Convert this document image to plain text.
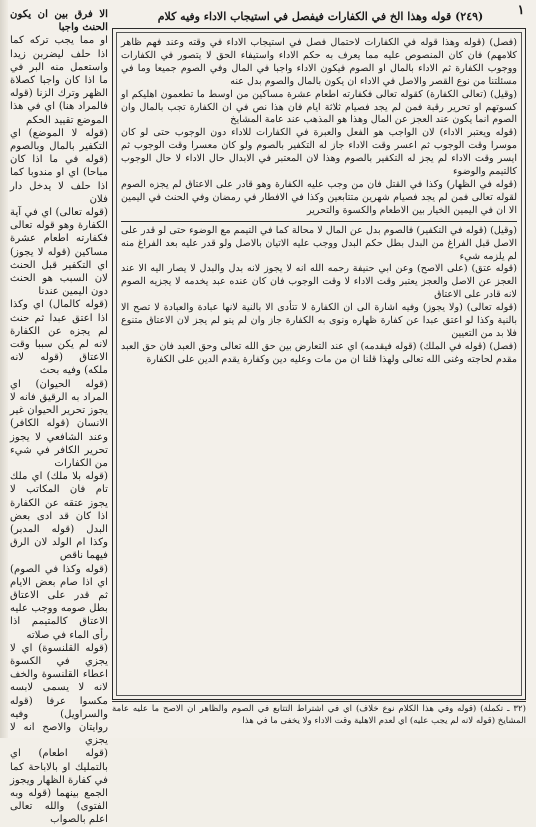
١
(٢٤٩) قوله وهذا الخ في الكفارات فيفصل في استيجاب الاداء وفيه كلام

(فصل) (قوله وهذا قوله في الكفارات لاحتمال فصل في استيجاب الاداء في وقته وعند فهم ظاهر كلامهم) فان كان المنصوص عليه مما يعرف به حكم الاداء واستيفاء الحق لا يتصور في الكفارات ووجوب الكفارة ثم الاداء بالمال او الصوم فيكون الاداء واجبا في المال وفي الصوم جميعا وما في مسئلتنا من نوع القصر والاصل في الاداء ان يكون بالمال والصوم بدل عنه

(وقيل) (تعالى الكفارة) كقوله تعالى فكفارته اطعام عشرة مساكين من اوسط ما تطعمون اهليكم او كسوتهم او تحرير رقبة فمن لم يجد فصيام ثلاثة ايام فان هذا نص في ان الكفارة تجب بالمال وان الصوم انما يكون عند العجز عن المال وهذا هو المذهب عند عامة المشايخ

(قوله ويعتبر الاداء) لان الواجب هو الفعل والعبرة في الكفارات للاداء دون الوجوب حتى لو كان موسرا وقت الوجوب ثم اعسر وقت الاداء جاز له التكفير بالصوم ولو كان معسرا وقت الوجوب ثم ايسر وقت الاداء لم يجز له التكفير بالصوم وهذا لان المعتبر في الابدال حال الاداء لا حال الوجوب كالتيمم والوضوء

(قوله في الظهار) وكذا في القتل فان من وجب عليه الكفارة وهو قادر على الاعتاق لم يجزه الصوم لقوله تعالى فمن لم يجد فصيام شهرين متتابعين وكذا في الافطار في رمضان وفي الحنث في اليمين الا ان في اليمين الخيار بين الاطعام والكسوة والتحرير

(وقيل) (قوله في التكفير) فالصوم بدل عن المال لا محالة كما في التيمم مع الوضوء حتى لو قدر على الاصل قبل الفراغ من البدل بطل حكم البدل ووجب عليه الاتيان بالاصل ولو قدر عليه بعد الفراغ منه لم يلزمه شيء

(قوله عتق) (على الاصح) وعن ابي حنيفة رحمه الله انه لا يجوز لانه بدل والبدل لا يصار اليه الا عند العجز عن الاصل والعجز يعتبر وقت الاداء لا وقت الوجوب فان كان عنده عبد يخدمه لا يجزيه الصوم لانه قادر على الاعتاق

(قوله تعالى) (ولا يجوز) وفيه اشارة الى ان الكفارة لا تتأدى الا بالنية لانها عبادة والعبادة لا تصح الا بالنية وكذا لو اعتق عبدا عن كفارة ظهاره ونوى به الكفارة جاز وان لم ينو لم يجز لان الاعتاق متنوع فلا بد من التعيين

(فصل) (قوله في الملك) (قوله فيقدمه) اي عند التعارض بين حق الله تعالى وحق العبد فان حق العبد مقدم لحاجته وغنى الله تعالى ولهذا قلنا ان من مات وعليه دين وكفارة يقدم الدين على الكفارة

(٣٢ ـ تكملة) (قوله وفي هذا الكلام نوع خلاف) اي في اشتراط التتابع في الصوم والظاهر ان الاصح ما عليه عامة المشايخ (قوله لانه لم يجب عليه) اي لعدم الاهلية وقت الاداء ولا يخفى ما في هذا

الا فرق بين ان يكون الحنث واجبا

او مما يجب تركه كما اذا حلف ليضربن زيدا واستعمل منه البر في ما اذا كان واجبا كصلاة الظهر وترك الزنا (قوله فالمراد هنا) اي في هذا الموضع تقييد الحكم

(قوله لا الموضع) اي التكفير بالمال وبالصوم (قوله في ما اذا كان مباحا) اي او مندوبا كما اذا حلف لا يدخل دار فلان

(قوله تعالى) اي في آية الكفارة وهو قوله تعالى فكفارته اطعام عشرة مساكين (قوله لا يجوز) اي التكفير قبل الحنث لان السبب هو الحنث دون اليمين عندنا

(قوله كالمال) اي وكذا اذا اعتق عبدا ثم حنث لم يجزه عن الكفارة لانه لم يكن سببا وقت الاعتاق (قوله لانه ملكه) وفيه بحث

(قوله الحيوان) اي المراد به الرقيق فانه لا يجوز تحرير الحيوان غير الانسان (قوله الكافر) وعند الشافعي لا يجوز تحرير الكافر في شيء من الكفارات

(قوله بلا ملك) اي ملك تام فان المكاتب لا يجوز عتقه عن الكفارة اذا كان قد ادى بعض البدل (قوله المدبر) وكذا ام الولد لان الرق فيهما ناقص

(قوله وكذا في الصوم) اي اذا صام بعض الايام ثم قدر على الاعتاق بطل صومه ووجب عليه الاعتاق كالمتيمم اذا رأى الماء في صلاته

(قوله القلنسوة) اي لا يجزي في الكسوة اعطاء القلنسوة والخف لانه لا يسمى لابسه مكسوا عرفا (قوله والسراويل) وفيه روايتان والاصح انه لا يجزي

(قوله اطعام) اي بالتمليك او بالاباحة كما في كفارة الظهار ويجوز الجمع بينهما (قوله وبه الفتوى) والله تعالى اعلم بالصواب
